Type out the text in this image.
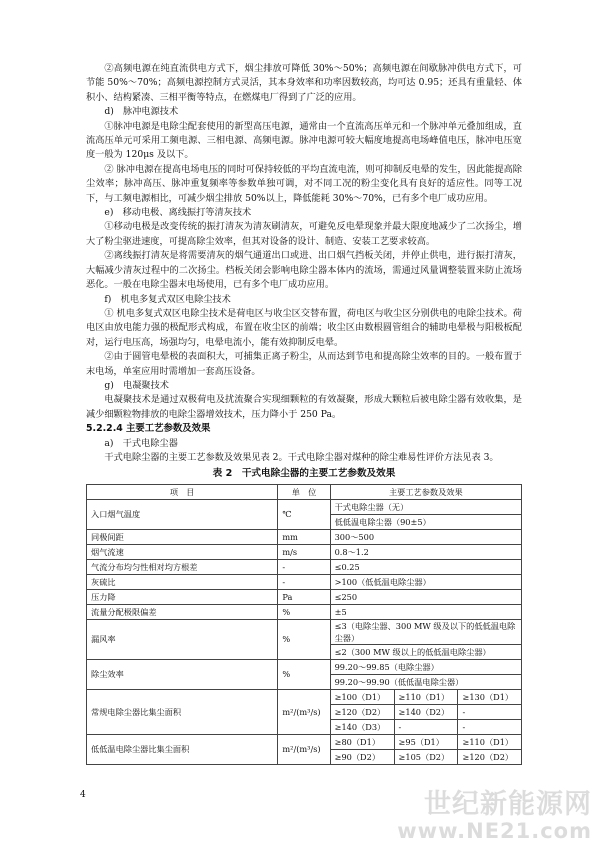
②高频电源在纯直流供电方式下，烟尘排放可降低 30%～50%；高频电源在间歇脉冲供电方式下，可节能 50%～70%；高频电源控制方式灵活，其本身效率和功率因数较高，均可达 0.95；还具有重量轻、体积小、结构紧凑、三相平衡等特点，在燃煤电厂得到了广泛的应用。

d)　脉冲电源技术

①脉冲电源是电除尘配套使用的新型高压电源，通常由一个直流高压单元和一个脉冲单元叠加组成，直流高压单元可采用工频电源、三相电源、高频电源。脉冲电源可较大幅度地提高电场峰值电压，脉冲电压宽度一般为 120μs 及以下。

② 脉冲电源在提高电场电压的同时可保持较低的平均直流电流，则可抑制反电晕的发生，因此能提高除尘效率；脉冲高压、脉冲重复频率等参数单独可调，对不同工况的粉尘变化具有良好的适应性。同等工况下，与工频电源相比，可减少烟尘排放 50%以上，降低能耗 30%～70%，已有多个电厂成功应用。

e)　移动电极、离线振打等清灰技术

①移动电极是改变传统的振打清灰为清灰刷清灰，可避免反电晕现象并最大限度地减少了二次扬尘，增大了粉尘驱进速度，可提高除尘效率，但其对设备的设计、制造、安装工艺要求较高。

②离线振打清灰是将需要清灰的烟气通道出口或进、出口烟气挡板关闭，并停止供电，进行振打清灰，大幅减少清灰过程中的二次扬尘。档板关闭会影响电除尘器本体内的流场，需通过风量调整装置来防止流场恶化。一般在电除尘器末电场使用，已有多个电厂成功应用。

f)　机电多复式双区电除尘技术

① 机电多复式双区电除尘技术是荷电区与收尘区交替布置，荷电区与收尘区分别供电的电除尘技术。荷电区由放电能力强的极配形式构成，布置在收尘区的前端；收尘区由数根圆管组合的辅助电晕极与阳极板配对，运行电压高，场强均匀，电晕电流小，能有效抑制反电晕。

②由于圆管电晕极的表面积大，可捕集正离子粉尘，从而达到节电和提高除尘效率的目的。一般布置于末电场，单室应用时需增加一套高压设备。

g)　电凝聚技术

电凝聚技术是通过双极荷电及扰流聚合实现细颗粒的有效凝聚，形成大颗粒后被电除尘器有效收集，是减少细颗粒物排放的电除尘器增效技术，压力降小于 250 Pa。

5.2.2.4 主要工艺参数及效果

a)　干式电除尘器

干式电除尘器的主要工艺参数及效果见表 2。干式电除尘器对煤种的除尘难易性评价方法见表 3。

表 2　干式电除尘器的主要工艺参数及效果

项　目	单　位	主要工艺参数及效果		
入口烟气温度	℃	干式电除尘器（无）		
		低低温电除尘器（90±5）		
同极间距	mm	300～500		
烟气流速	m/s	0.8～1.2		
气流分布均匀性相对均方根差	-	≤0.25		
灰硫比	-	>100（低低温电除尘器）		
压力降	Pa	≤250		
流量分配极限偏差	%	±5		
漏风率	%	≤3（电除尘器、300 MW 级及以下的低低温电除尘器）		
		≤2（300 MW 级以上的低低温电除尘器）		
除尘效率	%	99.20～99.85（电除尘器）		
		99.20～99.90（低低温电除尘器）		
常规电除尘器比集尘面积	m²/(m³/s)	≥100（D1）	≥110（D1）	≥130（D1）
		≥120（D2）	≥140（D2）	-
		≥140（D3）	-	-
低低温电除尘器比集尘面积	m²/(m³/s)	≥80（D1）	≥95（D1）	≥110（D1）
		≥90（D2）	≥105（D2）	≥120（D2）
4	世纪新能源网
www.NE21.com
